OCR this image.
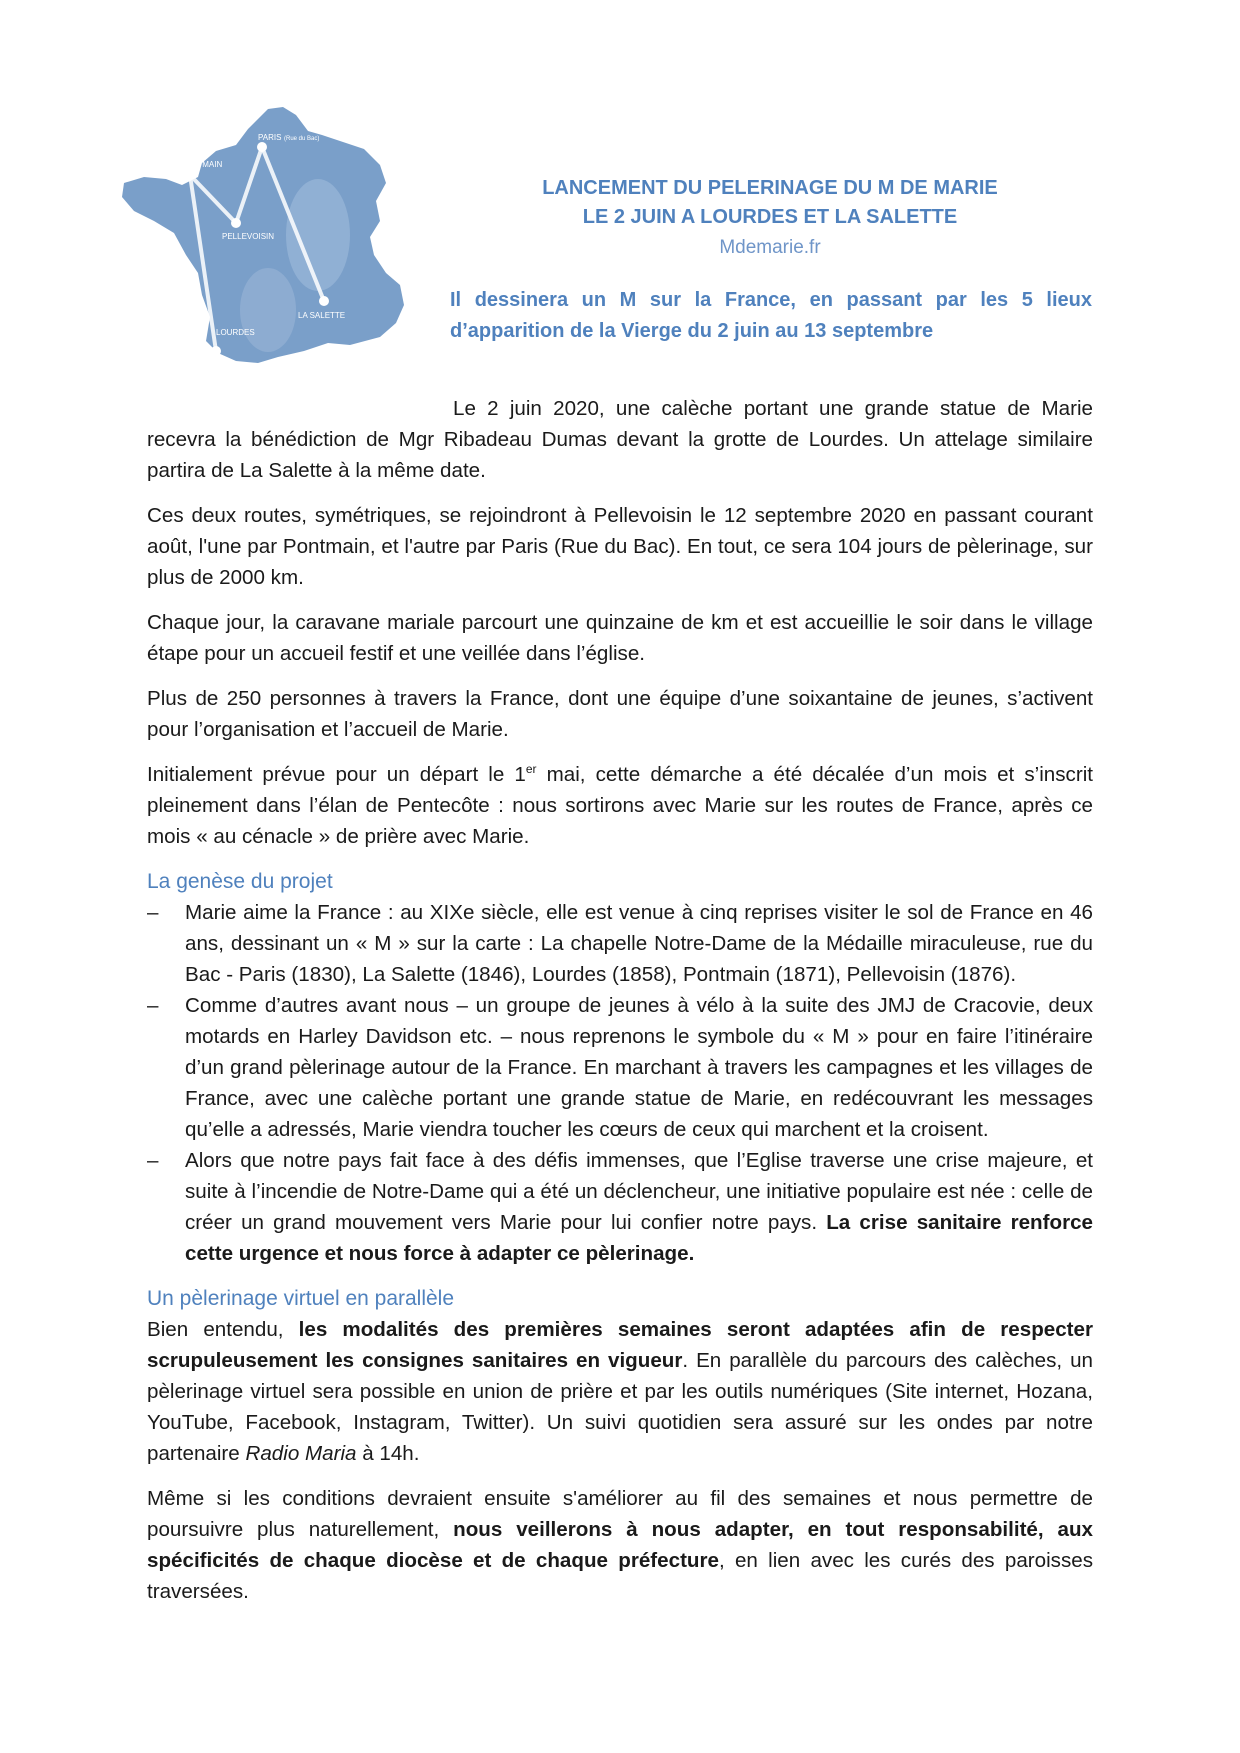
PONTMAIN
PARIS (Rue du Bac)
PELLEVOISIN
LA SALETTE
LOURDES
LANCEMENT DU PELERINAGE DU M DE MARIE
LE 2 JUIN A LOURDES ET LA SALETTE
Mdemarie.fr
Il dessinera un M sur la France, en passant par les 5 lieux d’apparition de la Vierge du 2 juin au 13 septembre

Le 2 juin 2020, une calèche portant une grande statue de Marie recevra la bénédiction de Mgr Ribadeau Dumas devant la grotte de Lourdes. Un attelage similaire partira de La Salette à la même date.

Ces deux routes, symétriques, se rejoindront à Pellevoisin le 12 septembre 2020 en passant courant août, l'une par Pontmain, et l'autre par Paris (Rue du Bac). En tout, ce sera 104 jours de pèlerinage, sur plus de 2000 km.

Chaque jour, la caravane mariale parcourt une quinzaine de km et est accueillie le soir dans le village étape pour un accueil festif et une veillée dans l’église.

Plus de 250 personnes à travers la France, dont une équipe d’une soixantaine de jeunes, s’activent pour l’organisation et l’accueil de Marie.

Initialement prévue pour un départ le 1er mai, cette démarche a été décalée d’un mois et s’inscrit pleinement dans l’élan de Pentecôte : nous sortirons avec Marie sur les routes de France, après ce mois « au cénacle » de prière avec Marie.

La genèse du projet
– Marie aime la France : au XIXe siècle, elle est venue à cinq reprises visiter le sol de France en 46 ans, dessinant un « M » sur la carte : La chapelle Notre-Dame de la Médaille miraculeuse, rue du Bac - Paris (1830), La Salette (1846), Lourdes (1858), Pontmain (1871), Pellevoisin (1876).
– Comme d’autres avant nous – un groupe de jeunes à vélo à la suite des JMJ de Cracovie, deux motards en Harley Davidson etc. – nous reprenons le symbole du « M » pour en faire l’itinéraire d’un grand pèlerinage autour de la France. En marchant à travers les campagnes et les villages de France, avec une calèche portant une grande statue de Marie, en redécouvrant les messages qu’elle a adressés, Marie viendra toucher les cœurs de ceux qui marchent et la croisent.
– Alors que notre pays fait face à des défis immenses, que l’Eglise traverse une crise majeure, et suite à l’incendie de Notre-Dame qui a été un déclencheur, une initiative populaire est née : celle de créer un grand mouvement vers Marie pour lui confier notre pays. La crise sanitaire renforce cette urgence et nous force à adapter ce pèlerinage.
Un pèlerinage virtuel en parallèle

Bien entendu, les modalités des premières semaines seront adaptées afin de respecter scrupuleusement les consignes sanitaires en vigueur. En parallèle du parcours des calèches, un pèlerinage virtuel sera possible en union de prière et par les outils numériques (Site internet, Hozana, YouTube, Facebook, Instagram, Twitter). Un suivi quotidien sera assuré sur les ondes par notre partenaire Radio Maria à 14h.

Même si les conditions devraient ensuite s'améliorer au fil des semaines et nous permettre de poursuivre plus naturellement, nous veillerons à nous adapter, en tout responsabilité, aux spécificités de chaque diocèse et de chaque préfecture, en lien avec les curés des paroisses traversées.
